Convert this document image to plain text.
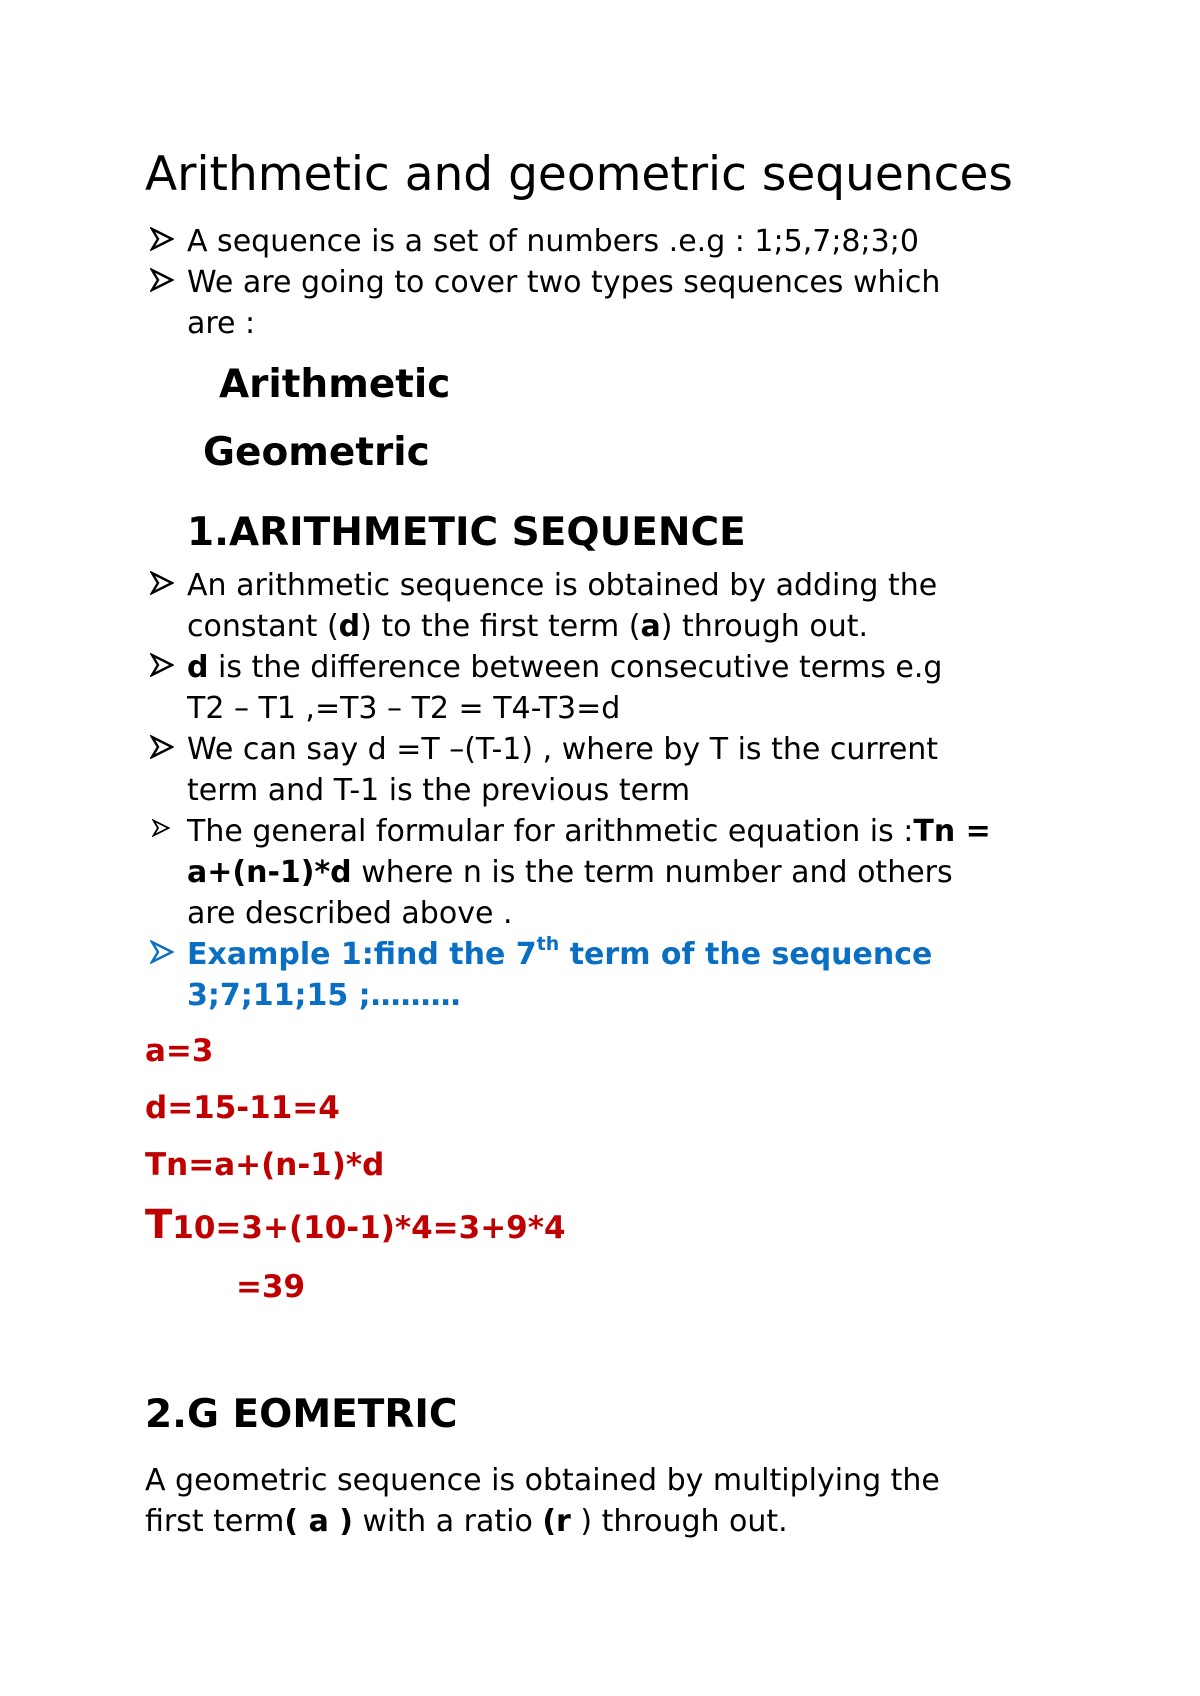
Arithmetic and geometric sequences
A sequence is a set of numbers .e.g : 1;5,7;8;3;0
We are going to cover two types sequences which
are :
Arithmetic
Geometric
1.ARITHMETIC SEQUENCE
An arithmetic sequence is obtained by adding the
constant (d) to the first term (a) through out.
d is the difference between consecutive terms e.g
T2 – T1 ,=T3 – T2 = T4-T3=d
We can say d =T –(T-1) , where by T is the current
term and T-1 is the previous term
The general formular for arithmetic equation is :Tn =
a+(n-1)*d where n is the term number and others
are described above .
Example 1:find the 7th term of the sequence
3;7;11;15 ;………
a=3
d=15-11=4
Tn=a+(n-1)*d
T10=3+(10-1)*4=3+9*4
=39
2.G EOMETRIC
A geometric sequence is obtained by multiplying the
first term( a ) with a ratio (r ) through out.
